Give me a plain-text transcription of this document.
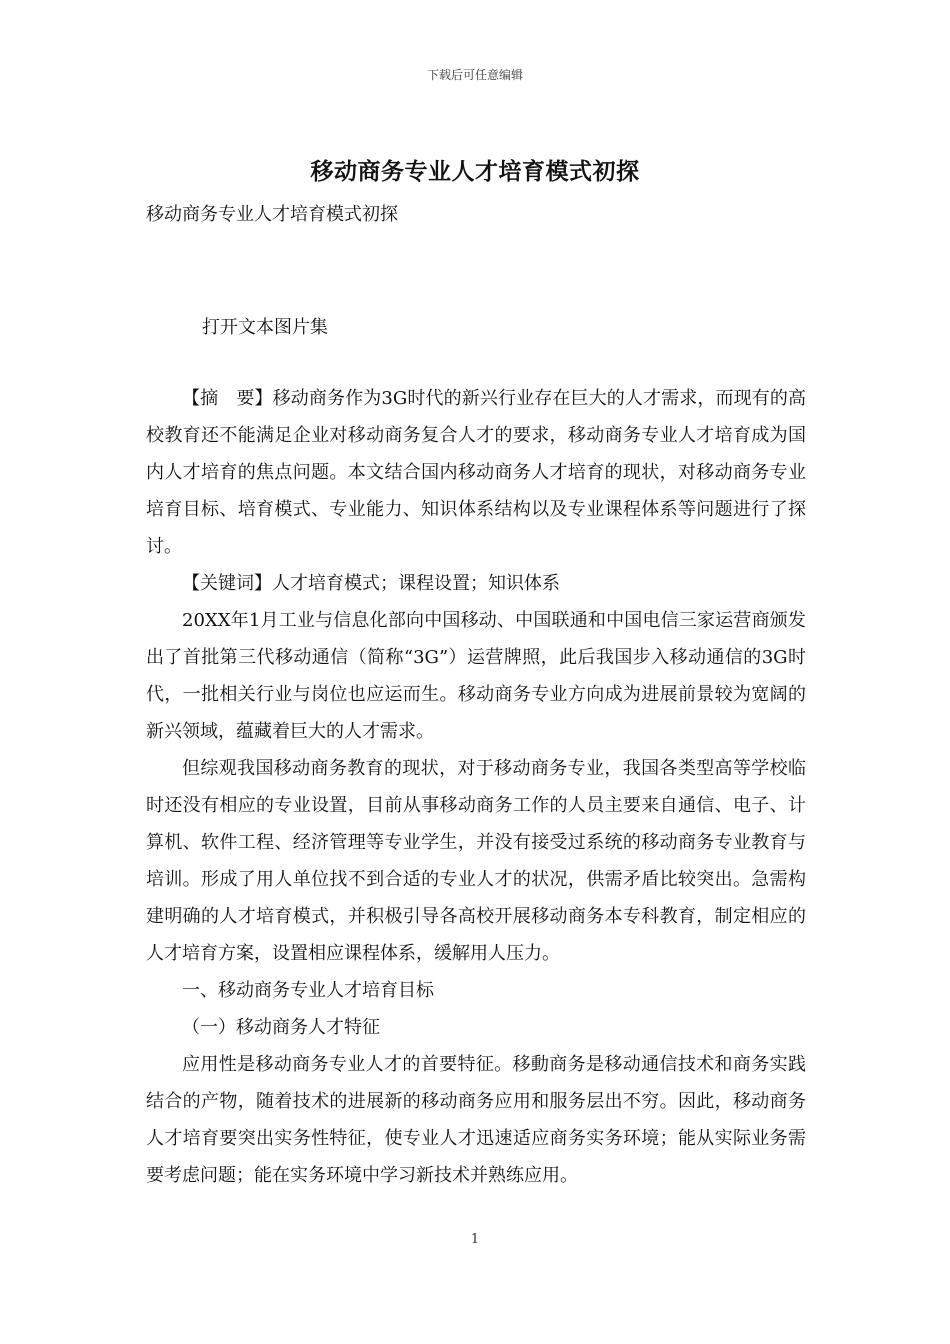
下载后可任意编辑
移动商务专业人才培育模式初探
移动商务专业人才培育模式初探
打开文本图片集

【摘　要】移动商务作为3G时代的新兴行业存在巨大的人才需求，而现有的高校教育还不能满足企业对移动商务复合人才的要求，移动商务专业人才培育成为国内人才培育的焦点问题。本文结合国内移动商务人才培育的现状，对移动商务专业培育目标、培育模式、专业能力、知识体系结构以及专业课程体系等问题进行了探讨。

【关键词】人才培育模式；课程设置；知识体系

20XX年1月工业与信息化部向中国移动、中国联通和中国电信三家运营商颁发出了首批第三代移动通信（简称“3G”）运营牌照，此后我国步入移动通信的3G时代，一批相关行业与岗位也应运而生。移动商务专业方向成为进展前景较为宽阔的新兴领域，蕴藏着巨大的人才需求。

但综观我国移动商务教育的现状，对于移动商务专业，我国各类型高等学校临时还没有相应的专业设置，目前从事移动商务工作的人员主要来自通信、电子、计算机、软件工程、经济管理等专业学生，并没有接受过系统的移动商务专业教育与培训。形成了用人单位找不到合适的专业人才的状况，供需矛盾比较突出。急需构建明确的人才培育模式，并积极引导各高校开展移动商务本专科教育，制定相应的人才培育方案，设置相应课程体系，缓解用人压力。

一、移动商务专业人才培育目标

（一）移动商务人才特征

应用性是移动商务专业人才的首要特征。移動商务是移动通信技术和商务实践结合的产物，随着技术的进展新的移动商务应用和服务层出不穷。因此，移动商务人才培育要突出实务性特征，使专业人才迅速适应商务实务环境；能从实际业务需要考虑问题；能在实务环境中学习新技术并熟练应用。

1
